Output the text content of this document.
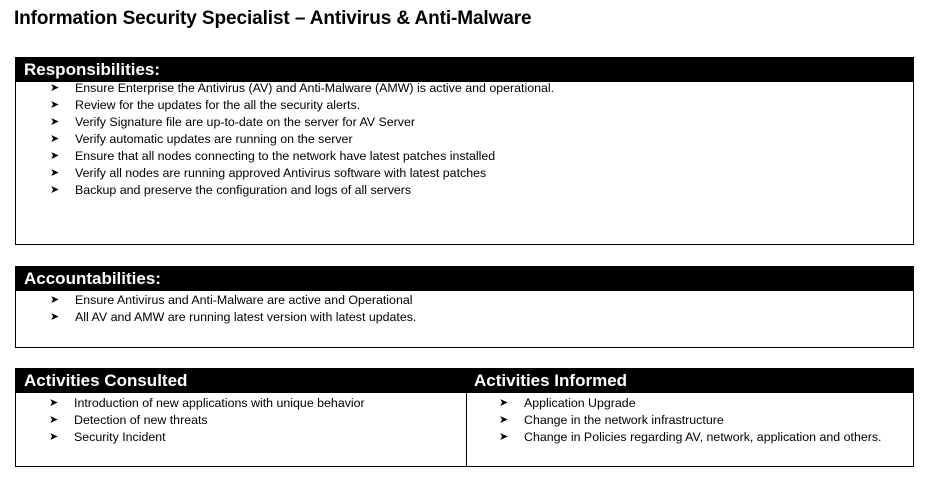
Information Security Specialist – Antivirus & Anti-Malware
Responsibilities:
➤ Ensure Enterprise the Antivirus (AV) and Anti-Malware (AMW) is active and operational.
➤ Review for the updates for the all the security alerts.
➤ Verify Signature file are up-to-date on the server for AV Server
➤ Verify automatic updates are running on the server
➤ Ensure that all nodes connecting to the network have latest patches installed
➤ Verify all nodes are running approved Antivirus software with latest patches
➤ Backup and preserve the configuration and logs of all servers
Accountabilities:
➤ Ensure Antivirus and Anti-Malware are active and Operational
➤ All AV and AMW are running latest version with latest updates.
Activities Consulted
➤ Introduction of new applications with unique behavior
➤ Detection of new threats
➤ Security Incident
Activities Informed
➤ Application Upgrade
➤ Change in the network infrastructure
➤ Change in Policies regarding AV, network, application and others.
